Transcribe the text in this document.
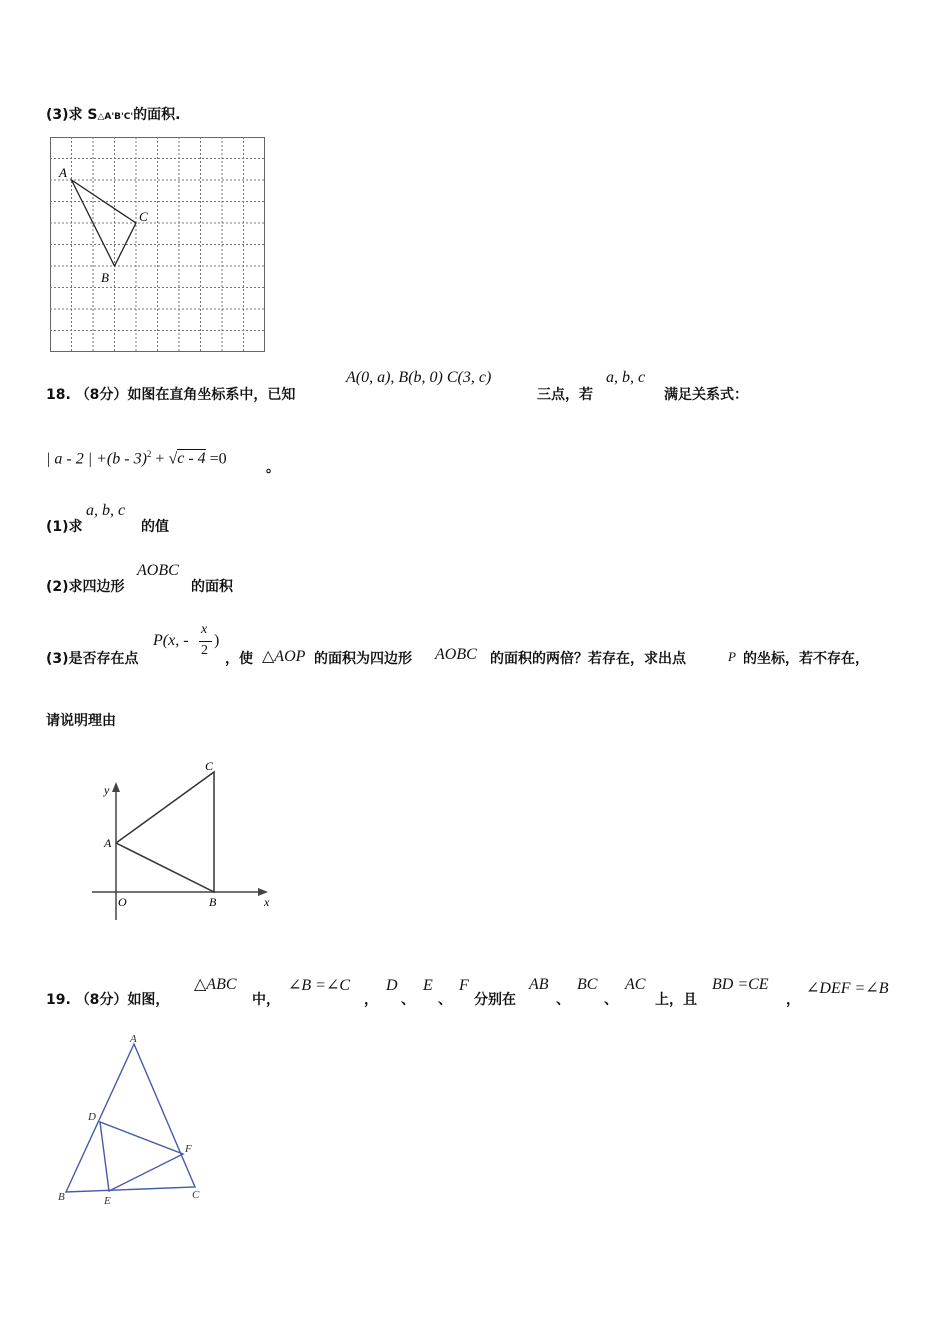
(3)求 S△A'B'C'的面积.
A
C
B
18. （8分）如图在直角坐标系中，已知
A(0, a), B(b, 0) C(3, c)
三点，若
a, b, c
满足关系式：
| a - 2 | +(b - 3)$^2$ + √c - 4 =0
。
(1)求
a, b, c
的值
(2)求四边形
AOBC
的面积
(3)是否存在点
P(x, -
x
2
)
，使 △AOP 的面积为四边形 AOBC 的面积的两倍？若存在，求出点	P 的坐标，若不存在，
请说明理由
C
y
A
O	B	x
19. （8分）如图，
△ABC
中，
∠B =∠C
，
D
、
E
、
F
分别在
AB
、
BC
、
AC
上，且
BD =CE
，
∠DEF =∠B
A
D
F
B	E	C
